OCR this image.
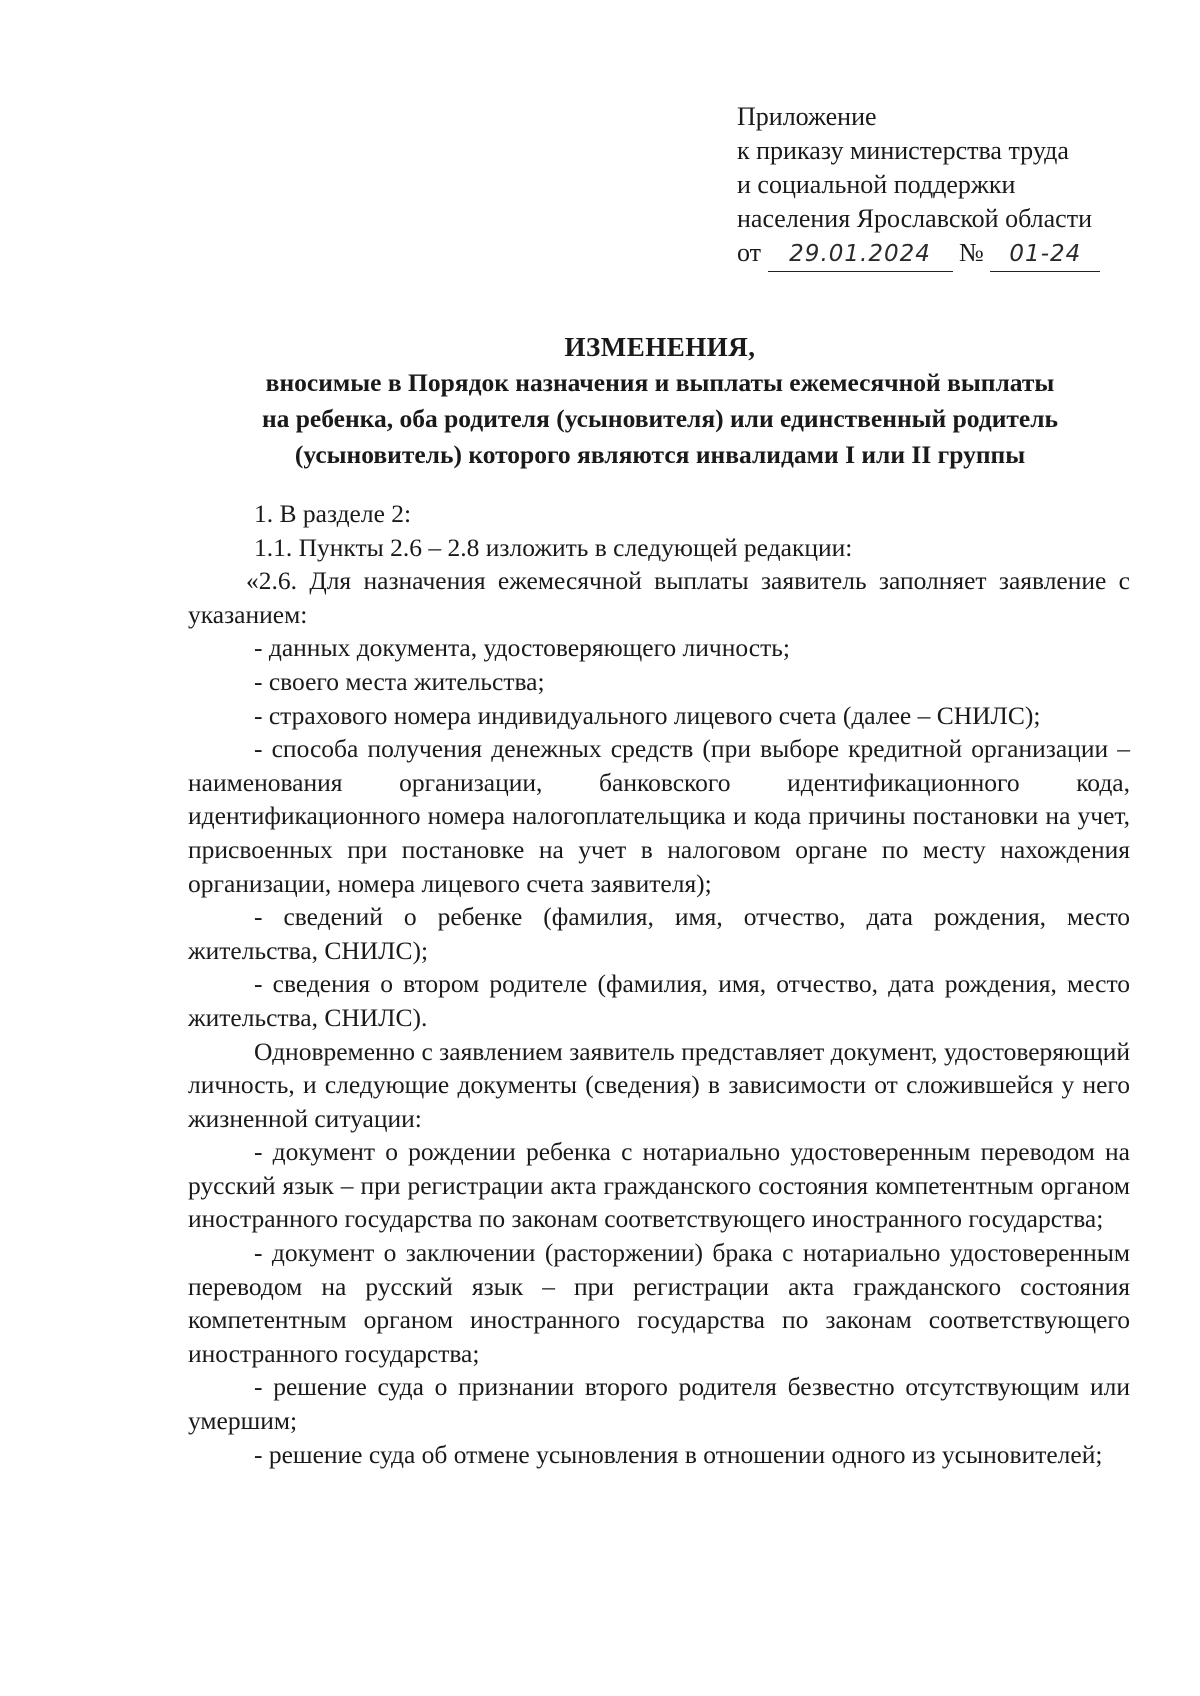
Приложение
к приказу министерства труда
и социальной поддержки
населения Ярославской области
от 29.01.2024 № 01-24
ИЗМЕНЕНИЯ,
вносимые в Порядок назначения и выплаты ежемесячной выплаты
на ребенка, оба родителя (усыновителя) или единственный родитель
(усыновитель) которого являются инвалидами I или II группы

1. В разделе 2:

1.1. Пункты 2.6 – 2.8 изложить в следующей редакции:

«2.6. Для назначения ежемесячной выплаты заявитель заполняет заявление с указанием:

- данных документа, удостоверяющего личность;

- своего места жительства;

- страхового номера индивидуального лицевого счета (далее – СНИЛС);

- способа получения денежных средств (при выборе кредитной организации – наименования организации, банковского идентификационного кода, идентификационного номера налогоплательщика и кода причины постановки на учет, присвоенных при постановке на учет в налоговом органе по месту нахождения организации, номера лицевого счета заявителя);

- сведений о ребенке (фамилия, имя, отчество, дата рождения, место жительства, СНИЛС);

- сведения о втором родителе (фамилия, имя, отчество, дата рождения, место жительства, СНИЛС).

Одновременно с заявлением заявитель представляет документ, удостоверяющий личность, и следующие документы (сведения) в зависимости от сложившейся у него жизненной ситуации:

- документ о рождении ребенка с нотариально удостоверенным переводом на русский язык – при регистрации акта гражданского состояния компетентным органом иностранного государства по законам соответствующего иностранного государства;

- документ о заключении (расторжении) брака с нотариально удостоверенным переводом на русский язык – при регистрации акта гражданского состояния компетентным органом иностранного государства по законам соответствующего иностранного государства;

- решение суда о признании второго родителя безвестно отсутствующим или умершим;

- решение суда об отмене усыновления в отношении одного из усыновителей;
